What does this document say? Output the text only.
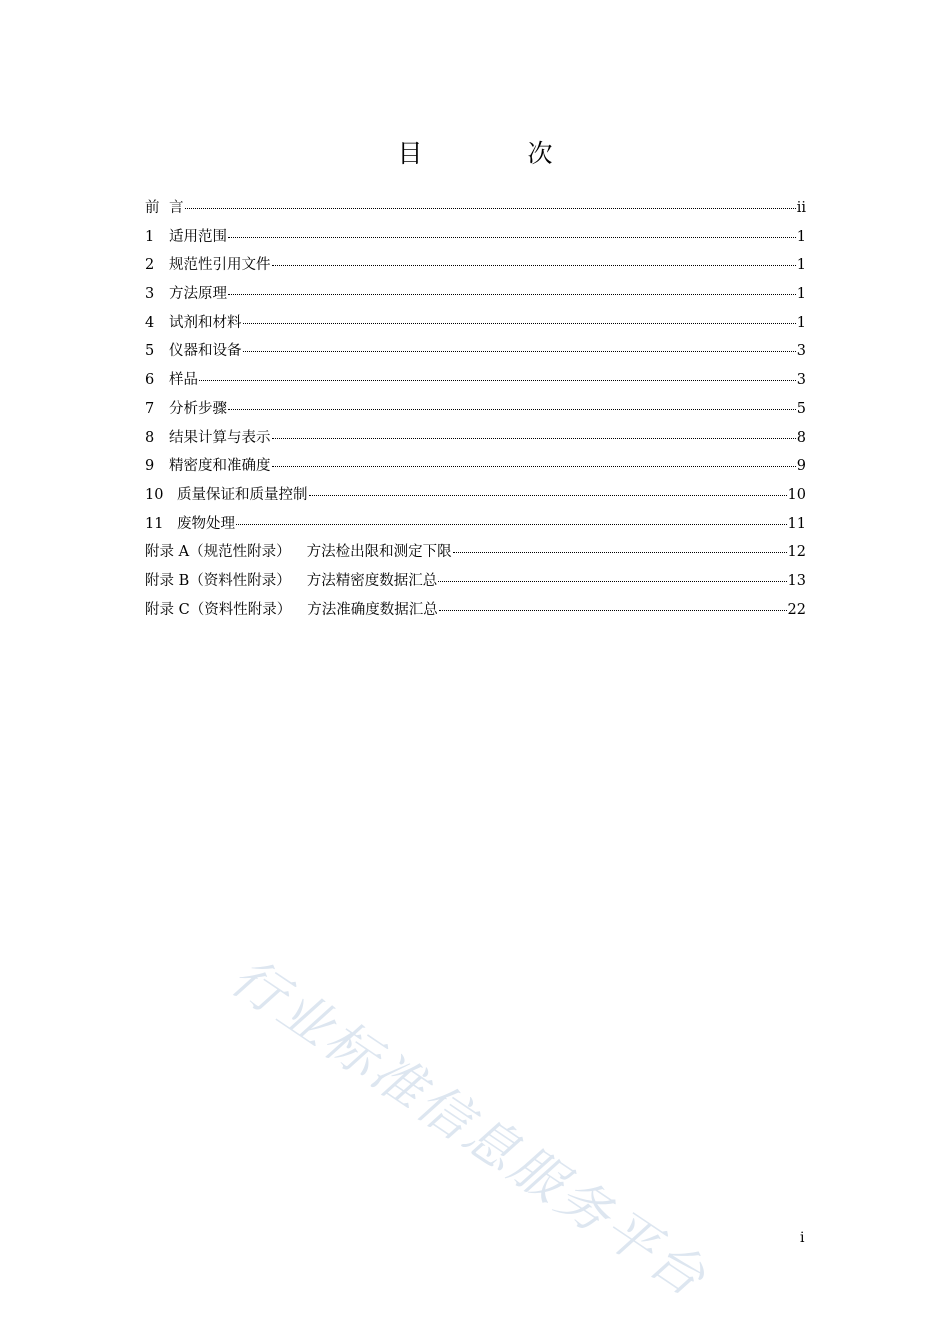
目　次
前 言	ii
1	适用范围	1
2	规范性引用文件	1
3	方法原理	1
4	试剂和材料	1
5	仪器和设备	3
6	样品	3
7	分析步骤	5
8	结果计算与表示	8
9	精密度和准确度	9
10 质量保证和质量控制	10
11 废物处理	11
附录 A（规范性附录） 方法检出限和测定下限	12
附录 B（资料性附录） 方法精密度数据汇总	13
附录 C（资料性附录） 方法准确度数据汇总	22
行业标准信息服务平台	i
